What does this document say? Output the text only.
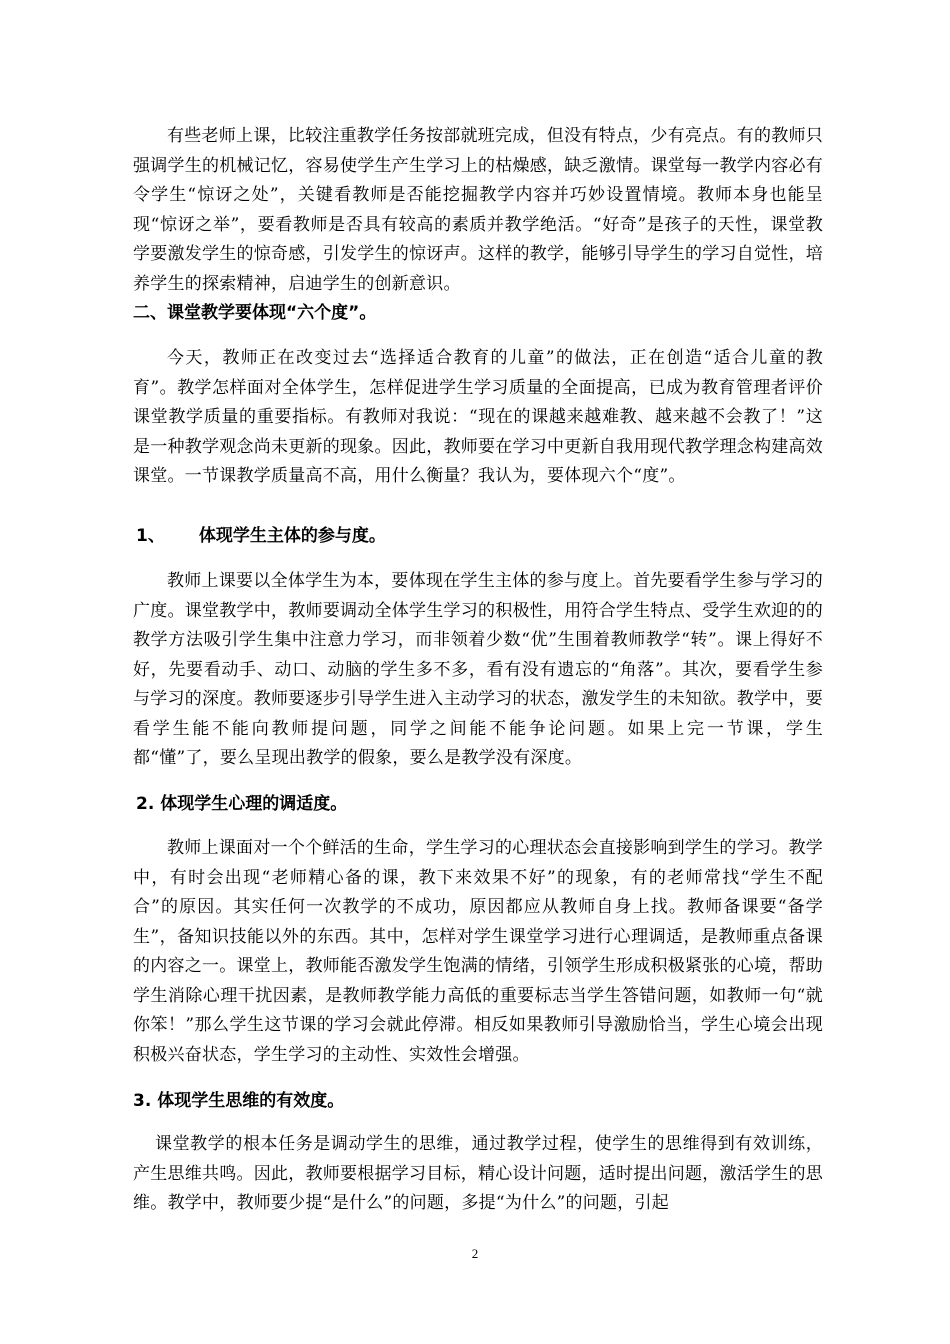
有些老师上课，比较注重教学任务按部就班完成，但没有特点，少有亮点。有的教师只强调学生的机械记忆，容易使学生产生学习上的枯燥感，缺乏激情。课堂每一教学内容必有令学生“惊讶之处”，关键看教师是否能挖掘教学内容并巧妙设置情境。教师本身也能呈现“惊讶之举”，要看教师是否具有较高的素质并教学绝活。“好奇”是孩子的天性，课堂教学要激发学生的惊奇感，引发学生的惊讶声。这样的教学，能够引导学生的学习自觉性，培养学生的探索精神，启迪学生的创新意识。

二、课堂教学要体现“六个度”。

今天，教师正在改变过去“选择适合教育的儿童”的做法，正在创造“适合儿童的教育”。教学怎样面对全体学生，怎样促进学生学习质量的全面提高，已成为教育管理者评价课堂教学质量的重要指标。有教师对我说：“现在的课越来越难教、越来越不会教了！”这是一种教学观念尚未更新的现象。因此，教师要在学习中更新自我用现代教学理念构建高效课堂。一节课教学质量高不高，用什么衡量？我认为，要体现六个“度”。

1、 体现学生主体的参与度。

教师上课要以全体学生为本，要体现在学生主体的参与度上。首先要看学生参与学习的广度。课堂教学中，教师要调动全体学生学习的积极性，用符合学生特点、受学生欢迎的的教学方法吸引学生集中注意力学习，而非领着少数“优”生围着教师教学“转”。课上得好不好，先要看动手、动口、动脑的学生多不多，看有没有遗忘的“角落”。其次，要看学生参与学习的深度。教师要逐步引导学生进入主动学习的状态，激发学生的未知欲。教学中，要看学生能不能向教师提问题，同学之间能不能争论问题。如果上完一节课，学生都“懂”了，要么呈现出教学的假象，要么是教学没有深度。

2. 体现学生心理的调适度。

教师上课面对一个个鲜活的生命，学生学习的心理状态会直接影响到学生的学习。教学中，有时会出现“老师精心备的课，教下来效果不好”的现象，有的老师常找“学生不配合”的原因。其实任何一次教学的不成功，原因都应从教师自身上找。教师备课要“备学生”，备知识技能以外的东西。其中，怎样对学生课堂学习进行心理调适，是教师重点备课的内容之一。课堂上，教师能否激发学生饱满的情绪，引领学生形成积极紧张的心境，帮助学生消除心理干扰因素，是教师教学能力高低的重要标志当学生答错问题，如教师一句“就你笨！”那么学生这节课的学习会就此停滞。相反如果教师引导激励恰当，学生心境会出现积极兴奋状态，学生学习的主动性、实效性会增强。

3. 体现学生思维的有效度。

课堂教学的根本任务是调动学生的思维，通过教学过程，使学生的思维得到有效训练，产生思维共鸣。因此，教师要根据学习目标，精心设计问题，适时提出问题，激活学生的思维。教学中，教师要少提“是什么”的问题，多提“为什么”的问题，引起

2
